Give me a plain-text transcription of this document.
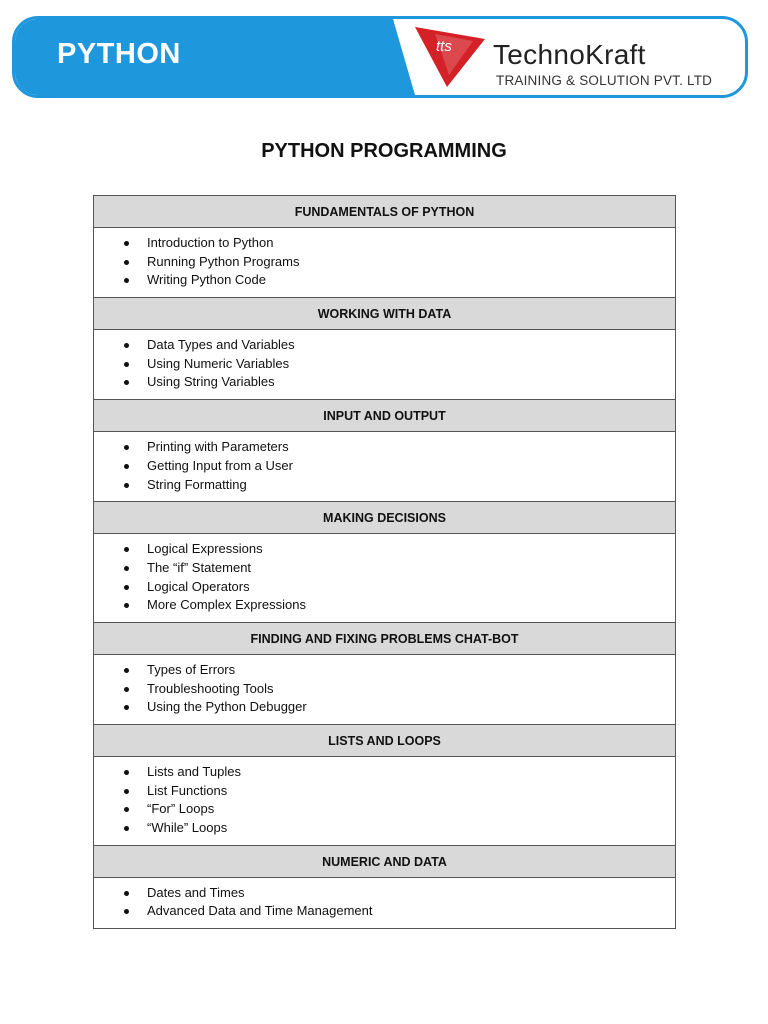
PYTHON	tts TechnoKraft
TRAINING & SOLUTION PVT. LTD
PYTHON PROGRAMMING
FUNDAMENTALS OF PYTHON
Introduction to Python
Running Python Programs
Writing Python Code
WORKING WITH DATA
Data Types and Variables
Using Numeric Variables
Using String Variables
INPUT AND OUTPUT
Printing with Parameters
Getting Input from a User
String Formatting
MAKING DECISIONS
Logical Expressions
The “if” Statement
Logical Operators
More Complex Expressions
FINDING AND FIXING PROBLEMS CHAT-BOT
Types of Errors
Troubleshooting Tools
Using the Python Debugger
LISTS AND LOOPS
Lists and Tuples
List Functions
“For” Loops
“While” Loops
NUMERIC AND DATA
Dates and Times
Advanced Data and Time Management
